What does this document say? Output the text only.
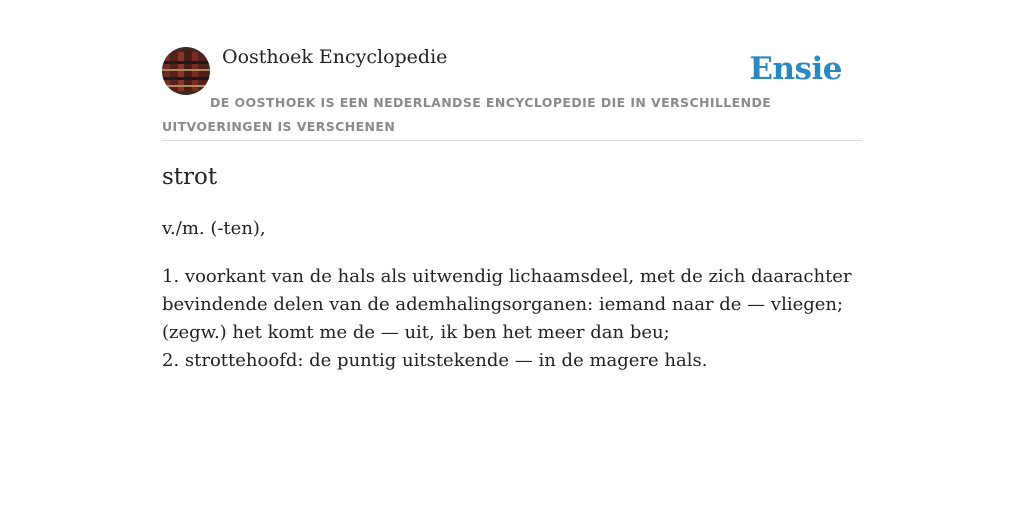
Oosthoek Encyclopedie	Ensie
DE OOSTHOEK IS EEN NEDERLANDSE ENCYCLOPEDIE DIE IN VERSCHILLENDE UITVOERINGEN IS VERSCHENEN
strot
v./m. (-ten),
1. voorkant van de hals als uitwendig lichaamsdeel, met de zich daarachter bevindende delen van de ademhalingsorganen: iemand naar de — vliegen; (zegw.) het komt me de — uit, ik ben het meer dan beu;
2. strottehoofd: de puntig uitstekende — in de magere hals.
